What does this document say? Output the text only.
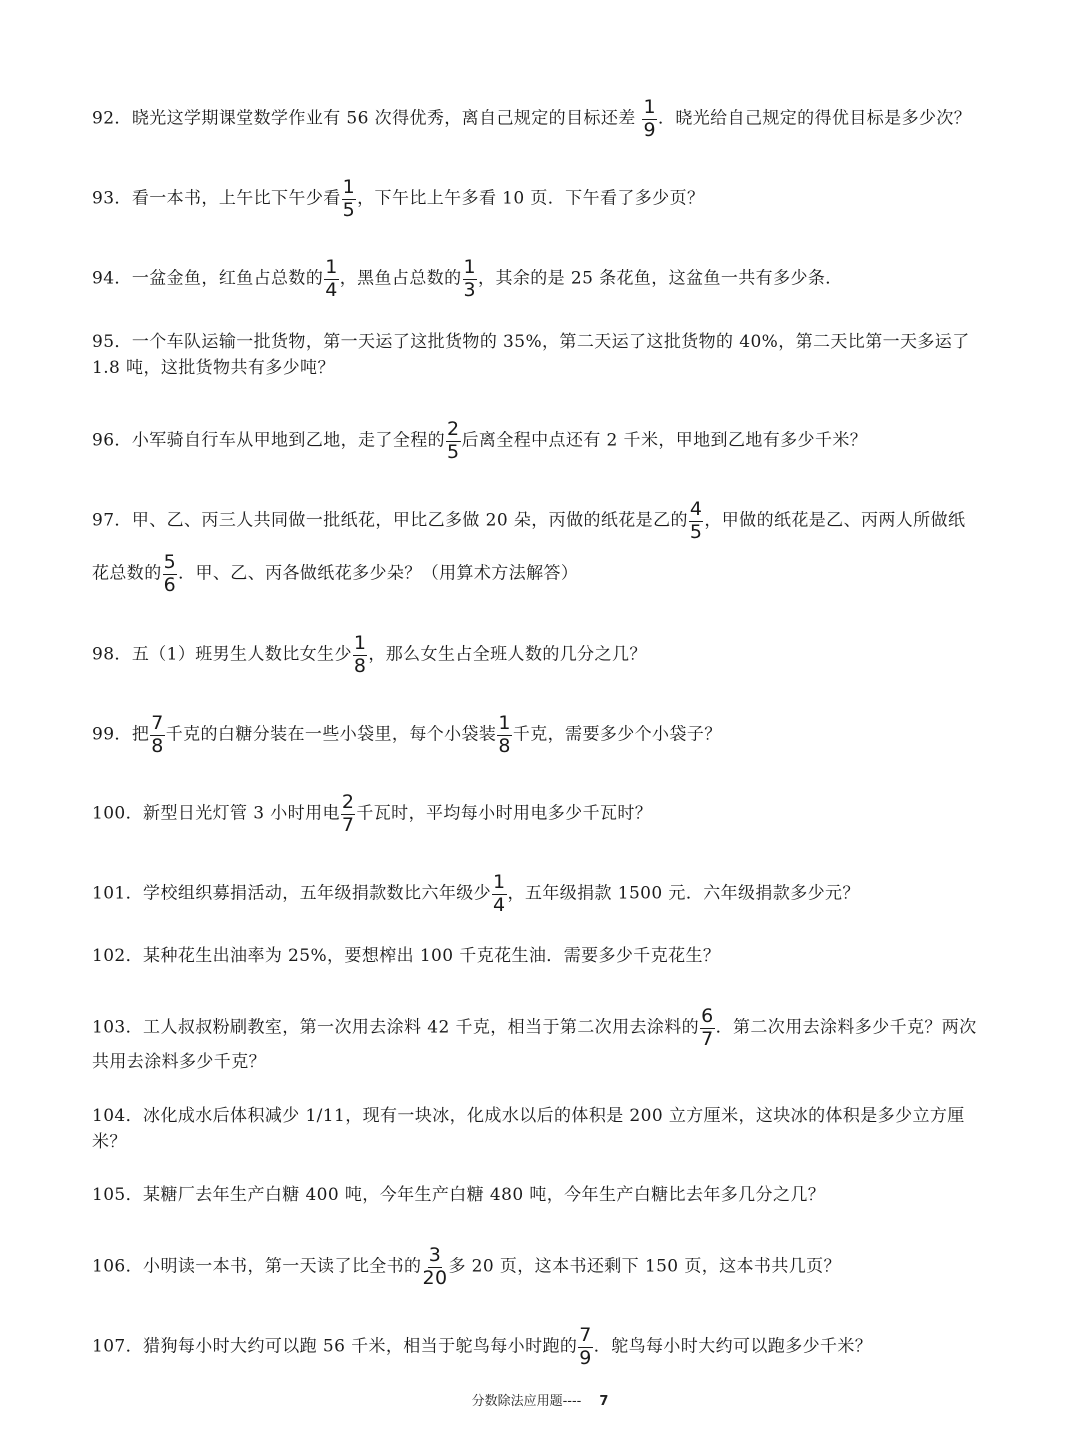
92．晓光这学期课堂数学作业有 56 次得优秀，离自己规定的目标还差 $\frac{1}{9}$ ．晓光给自己规定的得优目标是多少次？
93．看一本书，上午比下午少看 $\frac{1}{5}$ ，下午比上午多看 10 页．下午看了多少页？
94．一盆金鱼，红鱼占总数的 $\frac{1}{4}$ ，黑鱼占总数的 $\frac{1}{3}$ ，其余的是 25 条花鱼，这盆鱼一共有多少条．
95．一个车队运输一批货物，第一天运了这批货物的 35%，第二天运了这批货物的 40%，第二天比第一天多运了
1.8 吨，这批货物共有多少吨？
96．小军骑自行车从甲地到乙地，走了全程的 $\frac{2}{5}$ 后离全程中点还有 2 千米，甲地到乙地有多少千米？
97．甲、乙、丙三人共同做一批纸花，甲比乙多做 20 朵，丙做的纸花是乙的 $\frac{4}{5}$ ，甲做的纸花是乙、丙两人所做纸
花总数的 $\frac{5}{6}$ ．甲、乙、丙各做纸花多少朵？（用算术方法解答）
98．五（1）班男生人数比女生少 $\frac{1}{8}$ ，那么女生占全班人数的几分之几？
99．把 $\frac{7}{8}$ 千克的白糖分装在一些小袋里，每个小袋装 $\frac{1}{8}$ 千克，需要多少个小袋子？
100．新型日光灯管 3 小时用电 $\frac{2}{7}$ 千瓦时，平均每小时用电多少千瓦时？
101．学校组织募捐活动，五年级捐款数比六年级少 $\frac{1}{4}$ ，五年级捐款 1500 元．六年级捐款多少元？
102．某种花生出油率为 25%，要想榨出 100 千克花生油．需要多少千克花生？
103．工人叔叔粉刷教室，第一次用去涂料 42 千克，相当于第二次用去涂料的 $\frac{6}{7}$ ．第二次用去涂料多少千克？两次
共用去涂料多少千克？
104．冰化成水后体积减少 1/11，现有一块冰，化成水以后的体积是 200 立方厘米，这块冰的体积是多少立方厘
米？
105．某糖厂去年生产白糖 400 吨，今年生产白糖 480 吨，今年生产白糖比去年多几分之几？
106．小明读一本书，第一天读了比全书的 $\frac{3}{20}$ 多 20 页，这本书还剩下 150 页，这本书共几页？
107．猎狗每小时大约可以跑 56 千米，相当于鸵鸟每小时跑的 $\frac{7}{9}$ ．鸵鸟每小时大约可以跑多少千米？
分数除法应用题---- 7
